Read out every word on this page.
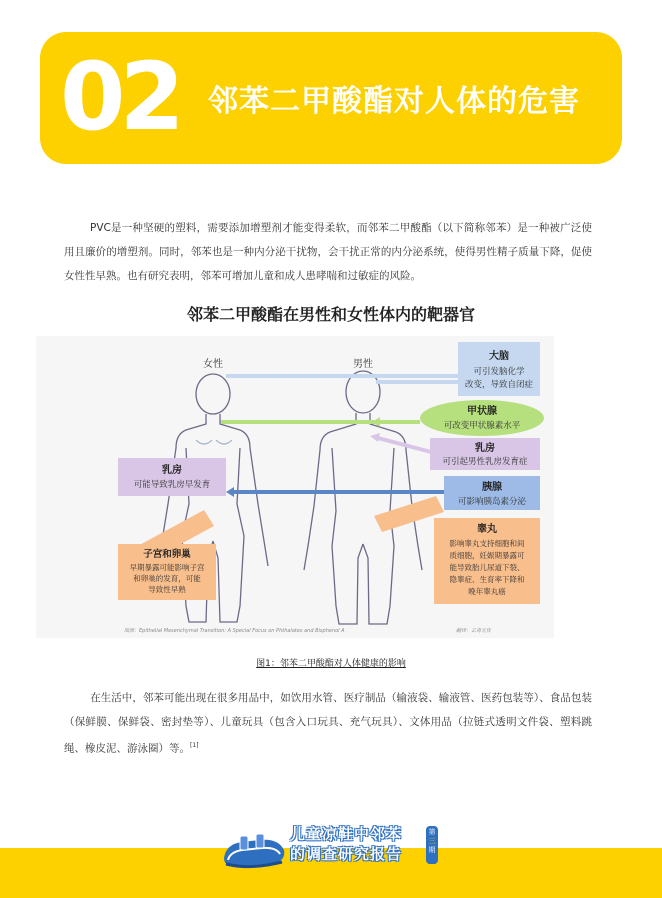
02 邻苯二甲酸酯对人体的危害

PVC是一种坚硬的塑料，需要添加增塑剂才能变得柔软，而邻苯二甲酸酯（以下简称邻苯）是一种被广泛使用且廉价的增塑剂。同时，邻苯也是一种内分泌干扰物，会干扰正常的内分泌系统，使得男性精子质量下降，促使女性性早熟。也有研究表明，邻苯可增加儿童和成人患哮喘和过敏症的风险。

邻苯二甲酸酯在男性和女性体内的靶器官
女性	男性
大脑
可引发脑化学
改变，导致自闭症
甲状腺
可改变甲状腺素水平
乳房
可引起男性乳房发育症
胰腺
可影响胰岛素分泌
睾丸
影响睾丸支持细胞和间
质细胞，妊娠期暴露可
能导致胎儿尿道下裂、
隐睾症、生育率下降和
晚年睾丸癌
乳房
可能导致乳房早发育
子宫和卵巢
早期暴露可能影响子宫
和卵巢的发育，可能
导致性早熟
图源：Epithelial Mesenchymal Transition: A Special Focus on Phthalates and Bisphenol A	翻译：云毒无忧
图1：邻苯二甲酸酯对人体健康的影响

在生活中，邻苯可能出现在很多用品中，如饮用水管、医疗制品（输液袋、输液管、医药包装等）、食品包装（保鲜膜、保鲜袋、密封垫等）、儿童玩具（包含入口玩具、充气玩具）、文体用品（拉链式透明文件袋、塑料跳绳、橡皮泥、游泳圈）等。[1]

儿童凉鞋中邻苯
的调查研究报告
第
三
期
